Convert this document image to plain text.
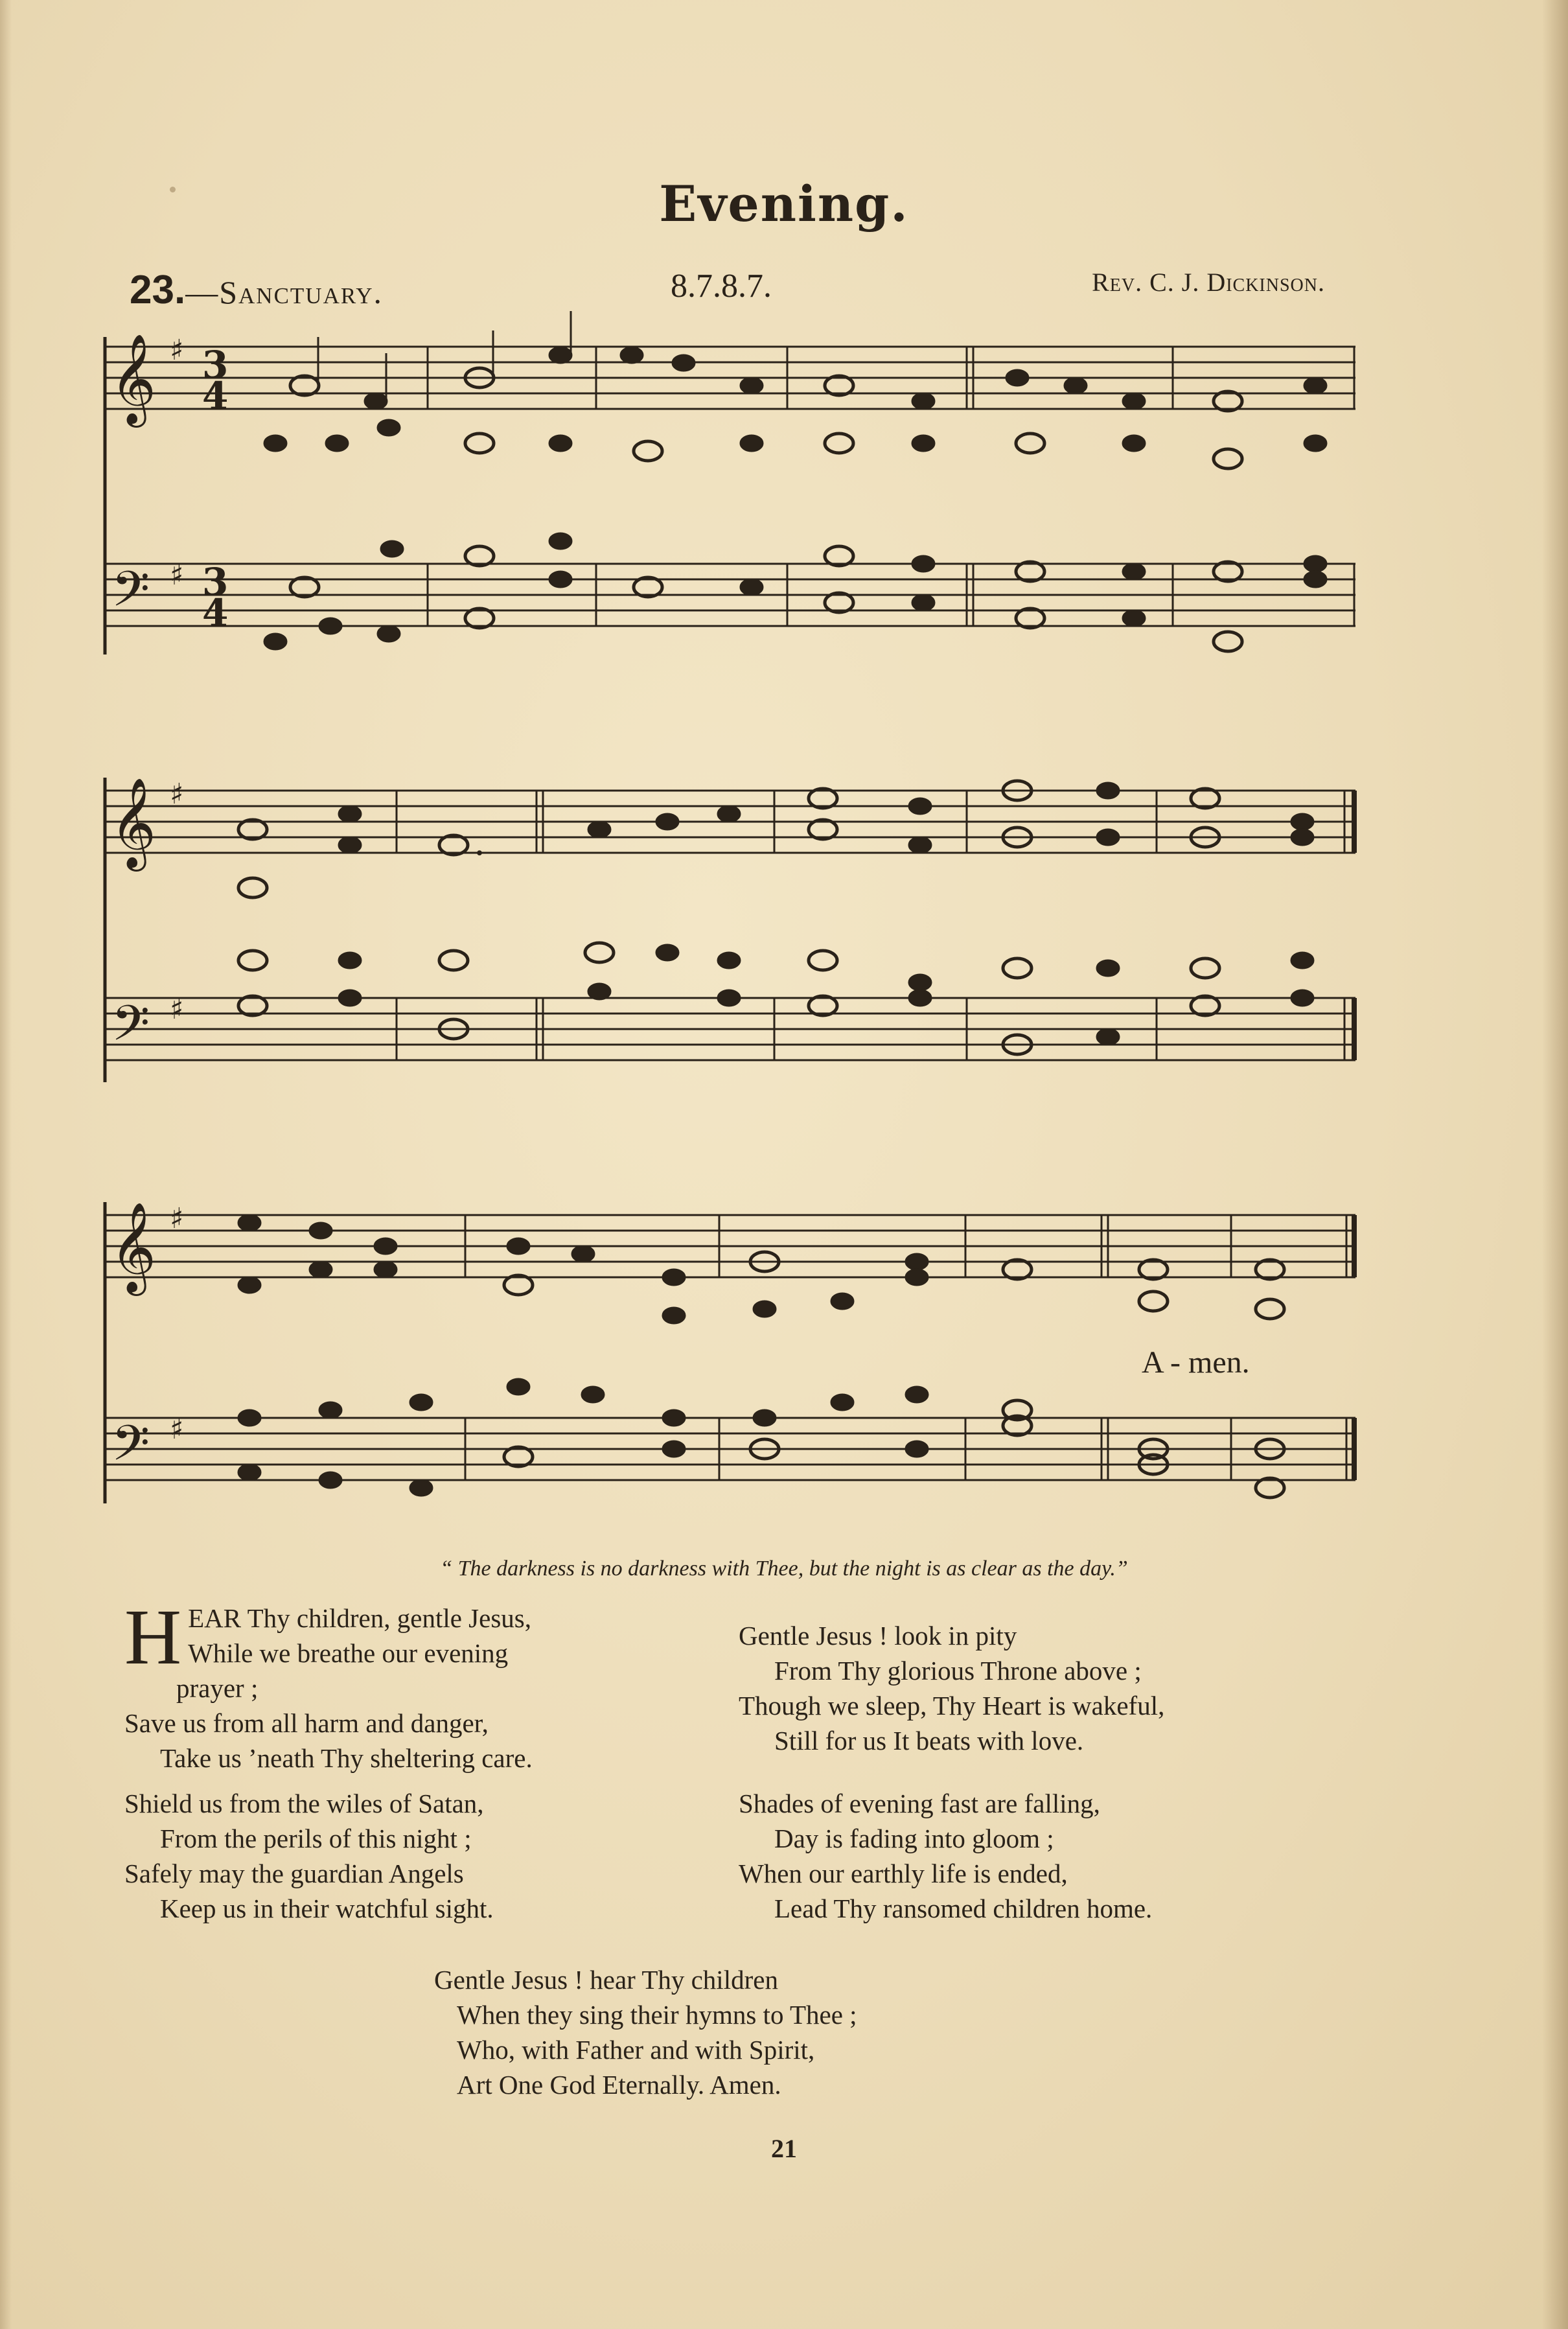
Evening.
23.—Sanctuary.	8.7.8.7.	Rev. C. J. Dickinson.
𝄞
𝄞
𝄞
𝄢
𝄢
𝄢
♯
♯
♯
♯
♯
♯
3
4
3
4
.
A - men.
“ The darkness is no darkness with Thee, but the night is as clear as the day.”
H EAR Thy children, gentle Jesus,

While we breathe our evening

prayer ;

Save us from all harm and danger,

Take us ’neath Thy sheltering care.

Gentle Jesus ! look in pity

From Thy glorious Throne above ;

Though we sleep, Thy Heart is wakeful,

Still for us It beats with love.

Shield us from the wiles of Satan,

From the perils of this night ;

Safely may the guardian Angels

Keep us in their watchful sight.

Shades of evening fast are falling,

Day is fading into gloom ;

When our earthly life is ended,

Lead Thy ransomed children home.

Gentle Jesus ! hear Thy children

When they sing their hymns to Thee ;

Who, with Father and with Spirit,

Art One God Eternally. Amen.

21
